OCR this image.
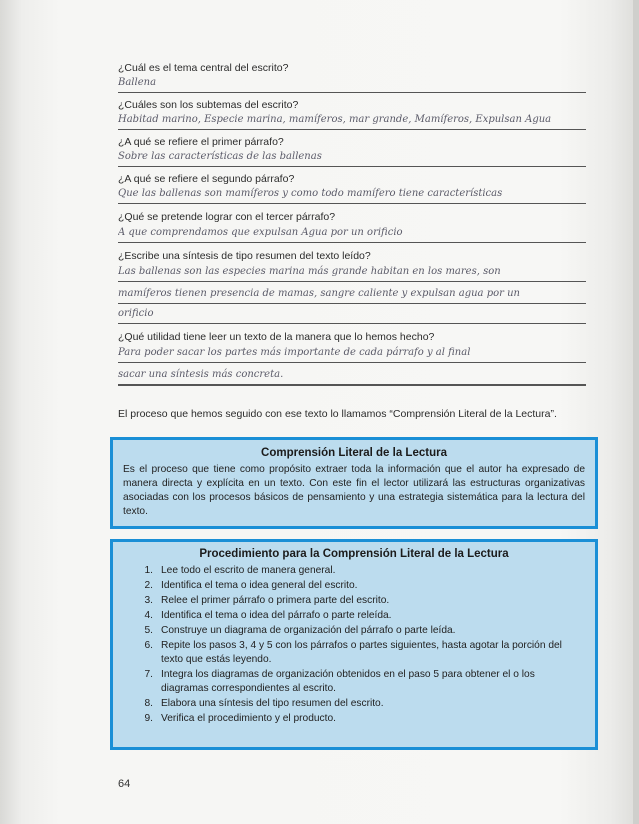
¿Cuál es el tema central del escrito?
Ballena
¿Cuáles son los subtemas del escrito?
Habitad marino, Especie marina, mamíferos, mar grande, Mamíferos, Expulsan Agua
¿A qué se refiere el primer párrafo?
Sobre las características de las ballenas
¿A qué se refiere el segundo párrafo?
Que las ballenas son mamíferos y como todo mamífero tiene características
¿Qué se pretende lograr con el tercer párrafo?
A que comprendamos que expulsan Agua por un orificio
¿Escribe una síntesis de tipo resumen del texto leído?
Las ballenas son las especies marina más grande habitan en los mares, son
mamíferos tienen presencia de mamas, sangre caliente y expulsan agua por un
orificio
¿Qué utilidad tiene leer un texto de la manera que lo hemos hecho?
Para poder sacar los partes más importante de cada párrafo y al final
sacar una síntesis más concreta.
El proceso que hemos seguido con ese texto lo llamamos “Comprensión Literal de la Lectura”.
Comprensión Literal de la Lectura
Es el proceso que tiene como propósito extraer toda la información que el autor ha expresado de manera directa y explícita en un texto. Con este fin el lector utilizará las estructuras organizativas asociadas con los procesos básicos de pensamiento y una estrategia sistemática para la lectura del texto.
Procedimiento para la Comprensión Literal de la Lectura
1. Lee todo el escrito de manera general.
2. Identifica el tema o idea general del escrito.
3. Relee el primer párrafo o primera parte del escrito.
4. Identifica el tema o idea del párrafo o parte releída.
5. Construye un diagrama de organización del párrafo o parte leída.
6. Repite los pasos 3, 4 y 5 con los párrafos o partes siguientes, hasta agotar la porción del texto que estás leyendo.
7. Integra los diagramas de organización obtenidos en el paso 5 para obtener el o los diagramas correspondientes al escrito.
8. Elabora una síntesis del tipo resumen del escrito.
9. Verifica el procedimiento y el producto.
64
